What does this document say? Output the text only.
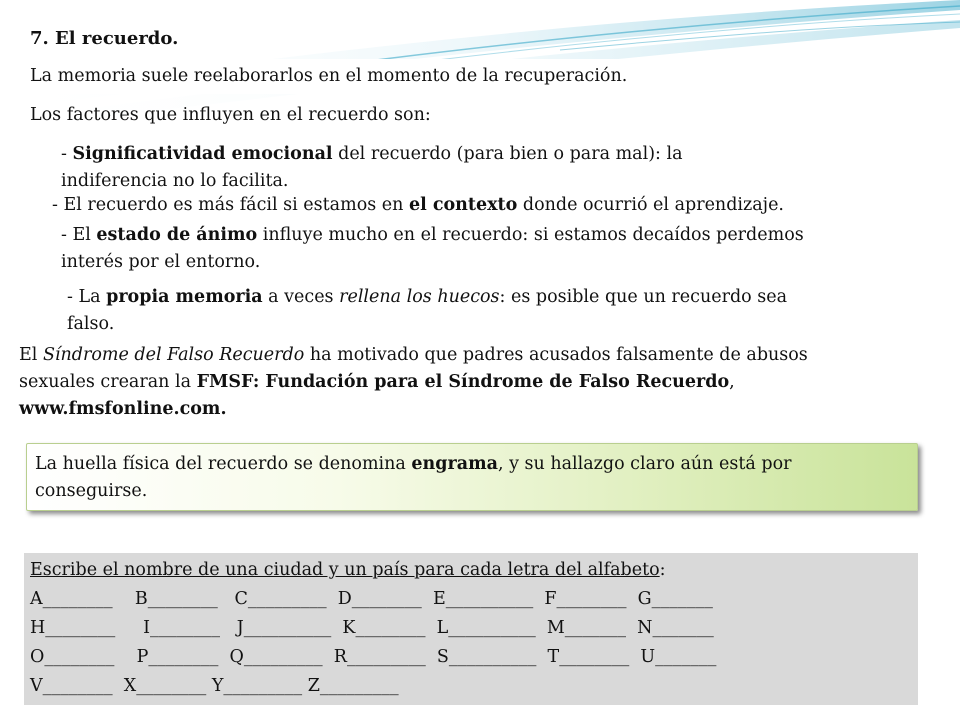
7. El recuerdo.
La memoria suele reelaborarlos en el momento de la recuperación.
Los factores que influyen en el recuerdo son:
- Significatividad emocional del recuerdo (para bien o para mal): la
indiferencia no lo facilita.
- El recuerdo es más fácil si estamos en el contexto donde ocurrió el aprendizaje.
- El estado de ánimo influye mucho en el recuerdo: si estamos decaídos perdemos
interés por el entorno.
- La propia memoria a veces rellena los huecos: es posible que un recuerdo sea
falso.
El Síndrome del Falso Recuerdo ha motivado que padres acusados falsamente de abusos
sexuales crearan la FMSF: Fundación para el Síndrome de Falso Recuerdo,
www.fmsfonline.com.
La huella física del recuerdo se denomina engrama, y su hallazgo claro aún está por
conseguirse.
Escribe el nombre de una ciudad y un país para cada letra del alfabeto:
A________ B________ C_________ D________ E__________ F________ G_______
H________ I________ J__________ K________ L__________ M_______ N_______
O________ P________ Q_________ R_________ S__________ T________ U_______
V________ X________ Y_________ Z_________
